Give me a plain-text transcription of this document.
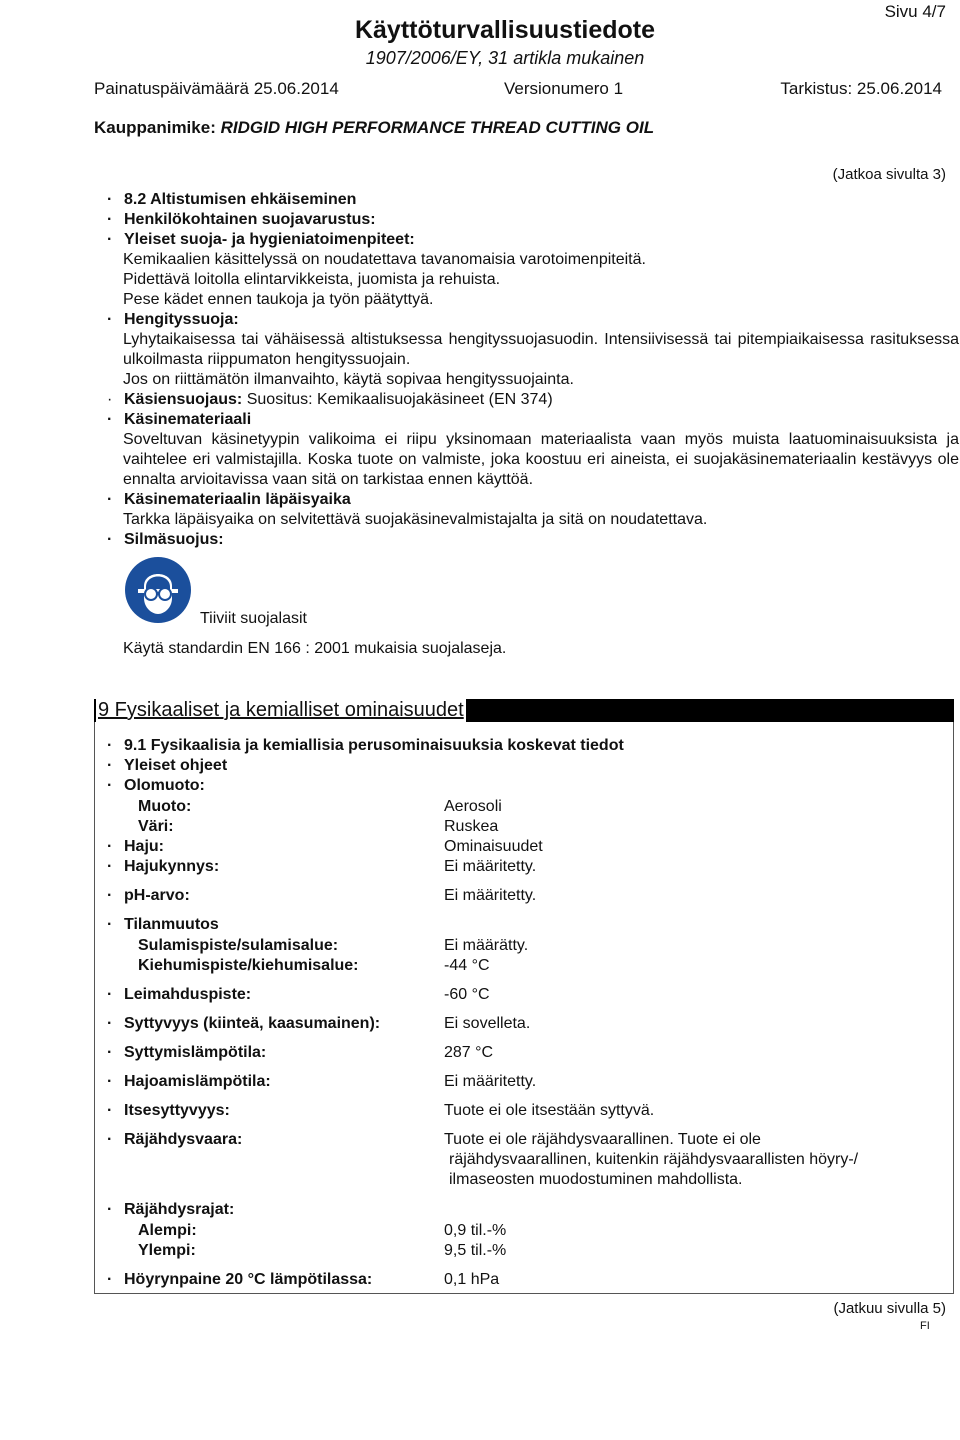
Sivu 4/7
Käyttöturvallisuustiedote
1907/2006/EY, 31 artikla mukainen
Painatuspäivämäärä 25.06.2014	Versionumero 1	Tarkistus: 25.06.2014
Kauppanimike: RIDGID HIGH PERFORMANCE THREAD CUTTING OIL
(Jatkoa sivulta 3)
· 8.2 Altistumisen ehkäiseminen
· Henkilökohtainen suojavarustus:
· Yleiset suoja- ja hygieniatoimenpiteet:
Kemikaalien käsittelyssä on noudatettava tavanomaisia varotoimenpiteitä.
Pidettävä loitolla elintarvikkeista, juomista ja rehuista.
Pese kädet ennen taukoja ja työn päätyttyä.
· Hengityssuoja:
Lyhytaikaisessa tai vähäisessä altistuksessa hengityssuojasuodin. Intensiivisessä tai pitempiaikaisessa rasituksessa ulkoilmasta riippumaton hengityssuojain.
Jos on riittämätön ilmanvaihto, käytä sopivaa hengityssuojainta.
· Käsiensuojaus: Suositus: Kemikaalisuojakäsineet (EN 374)
· Käsinemateriaali
Soveltuvan käsinetyypin valikoima ei riipu yksinomaan materiaalista vaan myös muista laatuominaisuuksista ja vaihtelee eri valmistajilla. Koska tuote on valmiste, joka koostuu eri aineista, ei suojakäsinemateriaalin kestävyys ole ennalta arvioitavissa vaan sitä on tarkistaa ennen käyttöä.
· Käsinemateriaalin läpäisyaika
Tarkka läpäisyaika on selvitettävä suojakäsinevalmistajalta ja sitä on noudatettava.
· Silmäsuojus:
Tiiviit suojalasit
Käytä standardin EN 166 : 2001 mukaisia suojalaseja.
9 Fysikaaliset ja kemialliset ominaisuudet
· 9.1 Fysikaalisia ja kemiallisia perusominaisuuksia koskevat tiedot
· Yleiset ohjeet
· Olomuoto:
Muoto:	Aerosoli
Väri:	Ruskea
· Haju:	Ominaisuudet
· Hajukynnys:	Ei määritetty.
· pH-arvo:	Ei määritetty.
· Tilanmuutos
Sulamispiste/sulamisalue:	Ei määrätty.
Kiehumispiste/kiehumisalue:	-44 °C
· Leimahduspiste:	-60 °C
· Syttyvyys (kiinteä, kaasumainen):	Ei sovelleta.
· Syttymislämpötila:	287 °C
· Hajoamislämpötila:	Ei määritetty.
· Itsesyttyvyys:	Tuote ei ole itsestään syttyvä.
· Räjähdysvaara:	Tuote ei ole räjähdysvaarallinen. Tuote ei ole
räjähdysvaarallinen, kuitenkin räjähdysvaarallisten höyry-/
ilmaseosten muodostuminen mahdollista.
· Räjähdysrajat:
Alempi:	0,9 til.-%
Ylempi:	9,5 til.-%
· Höyrynpaine 20 °C lämpötilassa:	0,1 hPa
(Jatkuu sivulla 5)
FI
